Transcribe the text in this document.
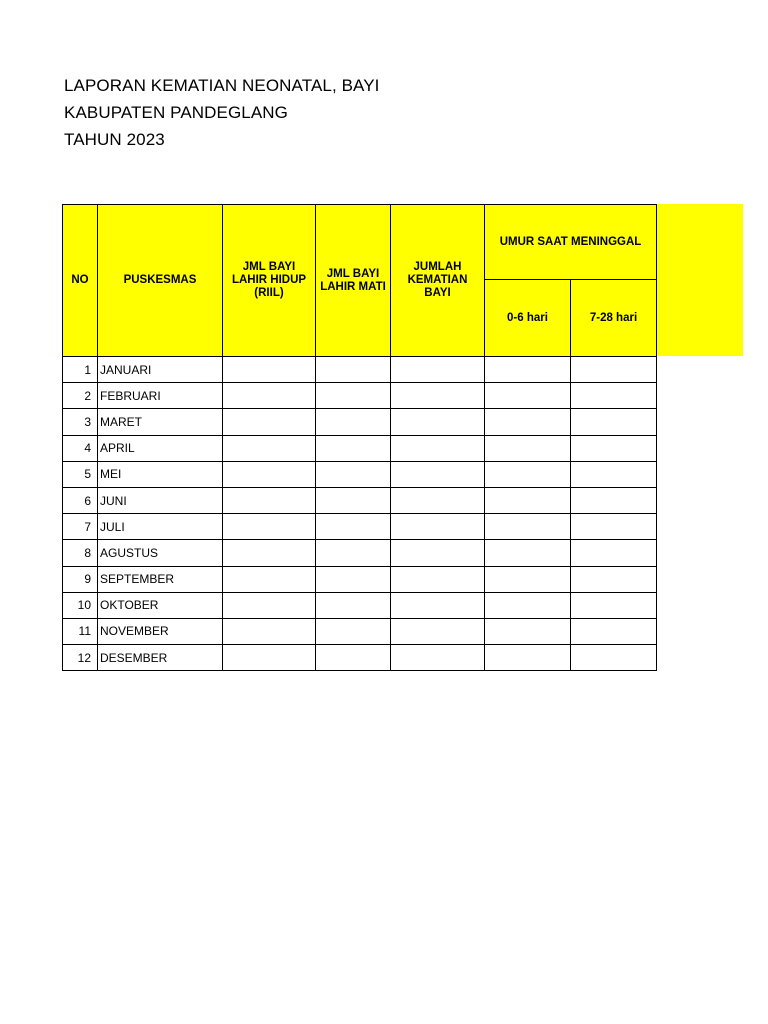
LAPORAN KEMATIAN NEONATAL, BAYI
KABUPATEN PANDEGLANG
TAHUN 2023
NO	PUSKESMAS	JML BAYI LAHIR HIDUP (RIIL)	JML BAYI LAHIR MATI	JUMLAH KEMATIAN BAYI	UMUR SAAT MENINGGAL	
					0-6 hari	7-28 hari
1	JANUARI					
2	FEBRUARI					
3	MARET					
4	APRIL					
5	MEI					
6	JUNI					
7	JULI					
8	AGUSTUS					
9	SEPTEMBER					
10	OKTOBER					
11	NOVEMBER					
12	DESEMBER					
